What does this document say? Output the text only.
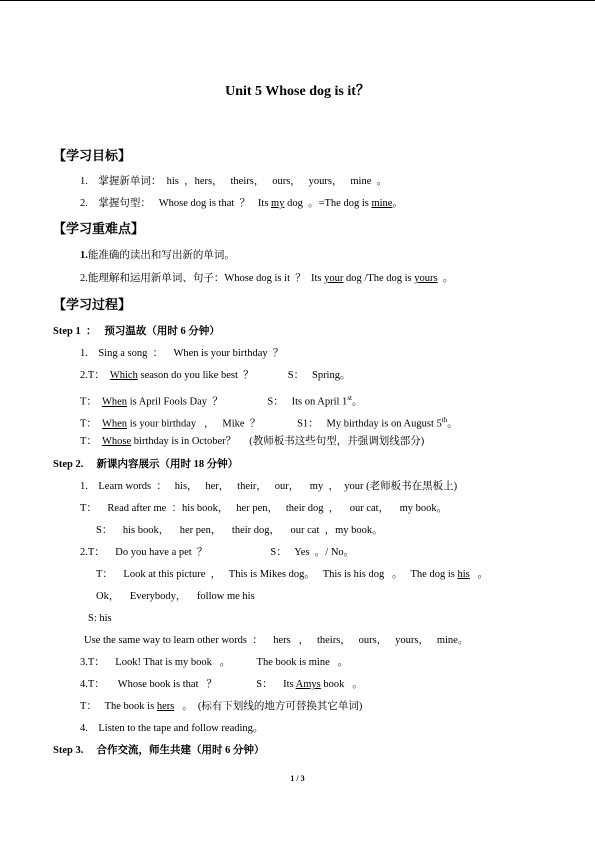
Unit 5 Whose dog is it？
【学习目标】
1.    掌握新单词：  his  ，hers，   theirs，   ours，   yours，   mine  。
2.    掌握句型：   Whose dog is that  ？   Its my dog  。=The dog is mine。
【学习重难点】
1.能准确的读出和写出新的单词。
2.能理解和运用新单词、句子：Whose dog is it  ？  Its your dog /The dog is yours  。
【学习过程】
Step 1  ：   预习温故（用时 6 分钟）
1.    Sing a song  ：    When is your birthday  ？
2.T：  Which season do you like best  ？             S：   Spring。
T：  When is April Fools Day  ？                 S：   Its on April 1st。
T：  When is your birthday   ，   Mike  ？              S1：   My birthday is on August 5th。
T：  Whose birthday is in October？     (教师板书这些句型，并强调划线部分)
Step 2.     新课内容展示（用时 18 分钟）
1.    Learn words  ：   his，   her，   their，   our，    my  ，  your (老师板书在黑板上)
T：    Read after me  ：his book，   her pen，   their dog  ，    our cat，    my book。
S：    his book，    her pen，    their dog，    our cat  ，my book。
2.T：    Do you have a pet  ？                        S：   Yes  。/ No。
T：    Look at this picture  ，   This is Mikes dog。   This is his dog   。   The dog is his   。
Ok，    Everybody，    follow me his
S: his
Use the same way to learn other words  ：    hers   ，   theirs，   ours，   yours，   mine。
3.T：    Look! That is my book   。          The book is mine   。
4.T：     Whose book is that   ？               S：    Its Amys book   。
T：   The book is hers   。  (标有下划线的地方可替换其它单词)
4.    Listen to the tape and follow reading。
Step 3.     合作交流，师生共建（用时 6 分钟）
1 / 3
